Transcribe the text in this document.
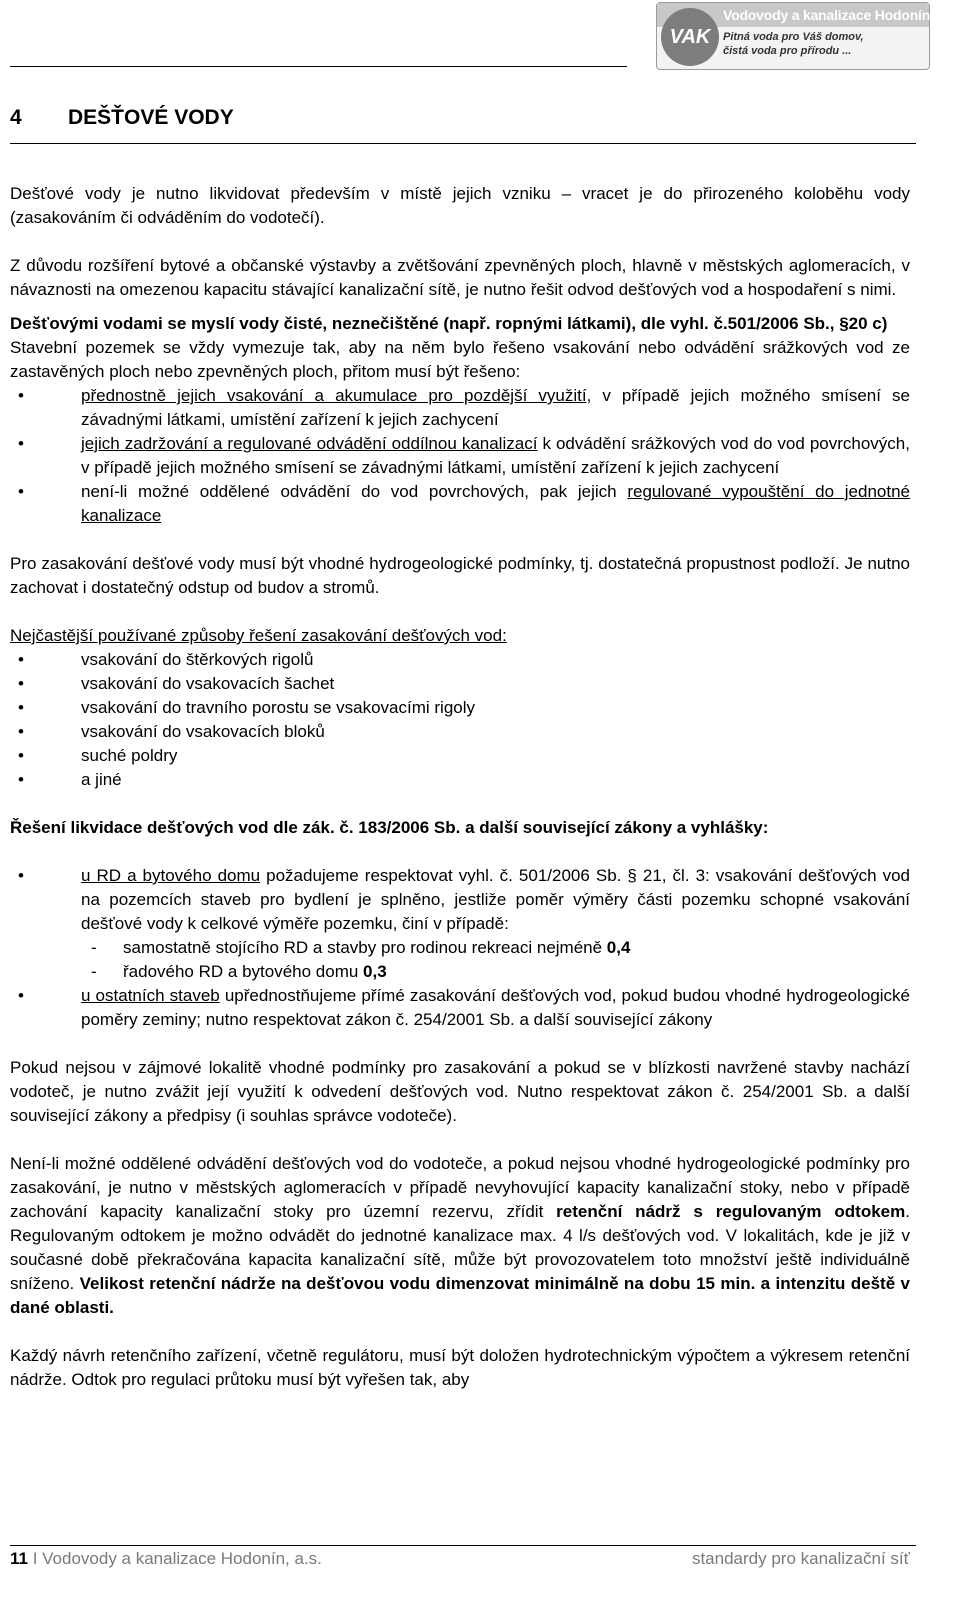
VAK
Vodovody a kanalizace Hodonín, a.s.
Pitná voda pro Váš domov,
čistá voda pro přírodu ...
4 DEŠŤOVÉ VODY

Dešťové vody je nutno likvidovat především v místě jejich vzniku – vracet je do přirozeného koloběhu vody (zasakováním či odváděním do vodotečí).

Z důvodu rozšíření bytové a občanské výstavby a zvětšování zpevněných ploch, hlavně v městských aglomeracích, v návaznosti na omezenou kapacitu stávající kanalizační sítě, je nutno řešit odvod dešťových vod a hospodaření s nimi.

Dešťovými vodami se myslí vody čisté, neznečištěné (např. ropnými látkami), dle vyhl. č.501/2006 Sb., §20 c)

Stavební pozemek se vždy vymezuje tak, aby na něm bylo řešeno vsakování nebo odvádění srážkových vod ze zastavěných ploch nebo zpevněných ploch, přitom musí být řešeno:

• přednostně jejich vsakování a akumulace pro pozdější využití, v případě jejich možného smísení se závadnými látkami, umístění zařízení k jejich zachycení
• jejich zadržování a regulované odvádění oddílnou kanalizací k odvádění srážkových vod do vod povrchových, v případě jejich možného smísení se závadnými látkami, umístění zařízení k jejich zachycení
• není-li možné oddělené odvádění do vod povrchových, pak jejich regulované vypouštění do jednotné kanalizace

Pro zasakování dešťové vody musí být vhodné hydrogeologické podmínky, tj. dostatečná propustnost podloží. Je nutno zachovat i dostatečný odstup od budov a stromů.

Nejčastější používané způsoby řešení zasakování dešťových vod:

• vsakování do štěrkových rigolů
• vsakování do vsakovacích šachet
• vsakování do travního porostu se vsakovacími rigoly
• vsakování do vsakovacích bloků
• suché poldry
• a jiné

Řešení likvidace dešťových vod dle zák. č. 183/2006 Sb. a další související zákony a vyhlášky:

• u RD a bytového domu požadujeme respektovat vyhl. č. 501/2006 Sb. § 21, čl. 3: vsakování dešťových vod na pozemcích staveb pro bydlení je splněno, jestliže poměr výměry části pozemku schopné vsakování dešťové vody k celkové výměře pozemku, činí v případě:
- samostatně stojícího RD a stavby pro rodinou rekreaci nejméně 0,4
- řadového RD a bytového domu 0,3
• u ostatních staveb upřednostňujeme přímé zasakování dešťových vod, pokud budou vhodné hydrogeologické poměry zeminy; nutno respektovat zákon č. 254/2001 Sb. a další související zákony

Pokud nejsou v zájmové lokalitě vhodné podmínky pro zasakování a pokud se v blízkosti navržené stavby nachází vodoteč, je nutno zvážit její využití k odvedení dešťových vod. Nutno respektovat zákon č. 254/2001 Sb. a další související zákony a předpisy (i souhlas správce vodoteče).

Není-li možné oddělené odvádění dešťových vod do vodoteče, a pokud nejsou vhodné hydrogeologické podmínky pro zasakování, je nutno v městských aglomeracích v případě nevyhovující kapacity kanalizační stoky, nebo v případě zachování kapacity kanalizační stoky pro územní rezervu, zřídit retenční nádrž s regulovaným odtokem. Regulovaným odtokem je možno odvádět do jednotné kanalizace max. 4 l/s dešťových vod. V lokalitách, kde je již v současné době překračována kapacita kanalizační sítě, může být provozovatelem toto množství ještě individuálně sníženo. Velikost retenční nádrže na dešťovou vodu dimenzovat minimálně na dobu 15 min. a intenzitu deště v dané oblasti.

Každý návrh retenčního zařízení, včetně regulátoru, musí být doložen hydrotechnickým výpočtem a výkresem retenční nádrže. Odtok pro regulaci průtoku musí být vyřešen tak, aby

11 I Vodovody a kanalizace Hodonín, a.s.	standardy pro kanalizační síť
